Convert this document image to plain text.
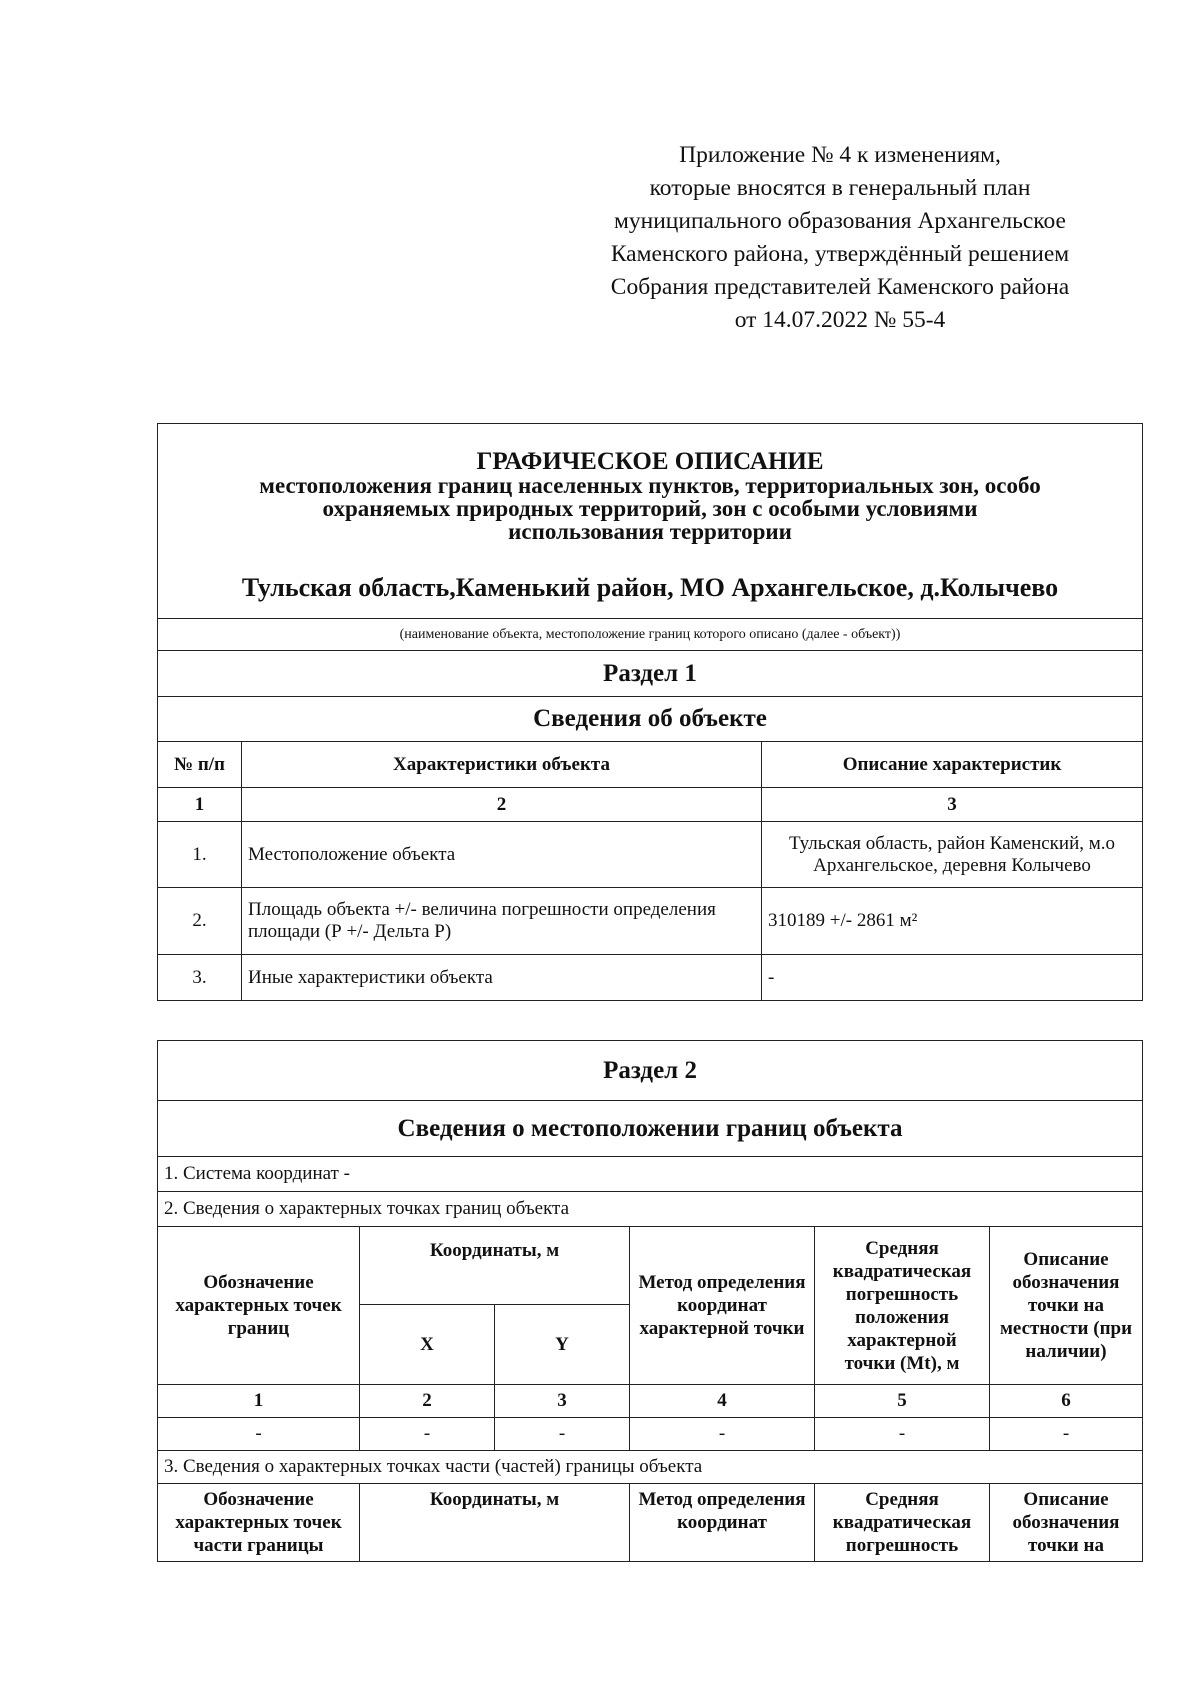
Приложение № 4 к изменениям,
которые вносятся в генеральный план
муниципального образования Архангельское
Каменского района, утверждённый решением
Собрания представителей Каменского района
от 14.07.2022 № 55-4
ГРАФИЧЕСКОЕ ОПИСАНИЕ
местоположения границ населенных пунктов, территориальных зон, особо
охраняемых природных территорий, зон с особыми условиями
использования территории
Тульская область,Каменький район, МО Архангельское, д.Колычево		

(наименование объекта, местоположение границ которого описано (далее - объект))		
Раздел 1		
Сведения об объекте		
№ п/п	Характеристики объекта	Описание характеристик
1	2	3
1.	Местоположение объекта	Тульская область, район Каменский, м.о Архангельское, деревня Колычево
2.	Площадь объекта +/- величина погрешности определения площади (Р +/- Дельта Р)	310189 +/- 2861 м²
3.	Иные характеристики объекта	-
Раздел 2					
Сведения о местоположении границ объекта					
1. Система координат -					
2. Сведения о характерных точках границ объекта					
Обозначение характерных точек границ	Координаты, м		Метод определения координат характерной точки	Средняя квадратическая погрешность положения характерной точки (Mt), м	Описание обозначения точки на местности (при наличии)
	X	Y			
1	2	3	4	5	6
-	-	-	-	-	-
3. Сведения о характерных точках части (частей) границы объекта					
Обозначение характерных точек части границы	Координаты, м		Метод определения координат	Средняя квадратическая погрешность	Описание обозначения точки на
